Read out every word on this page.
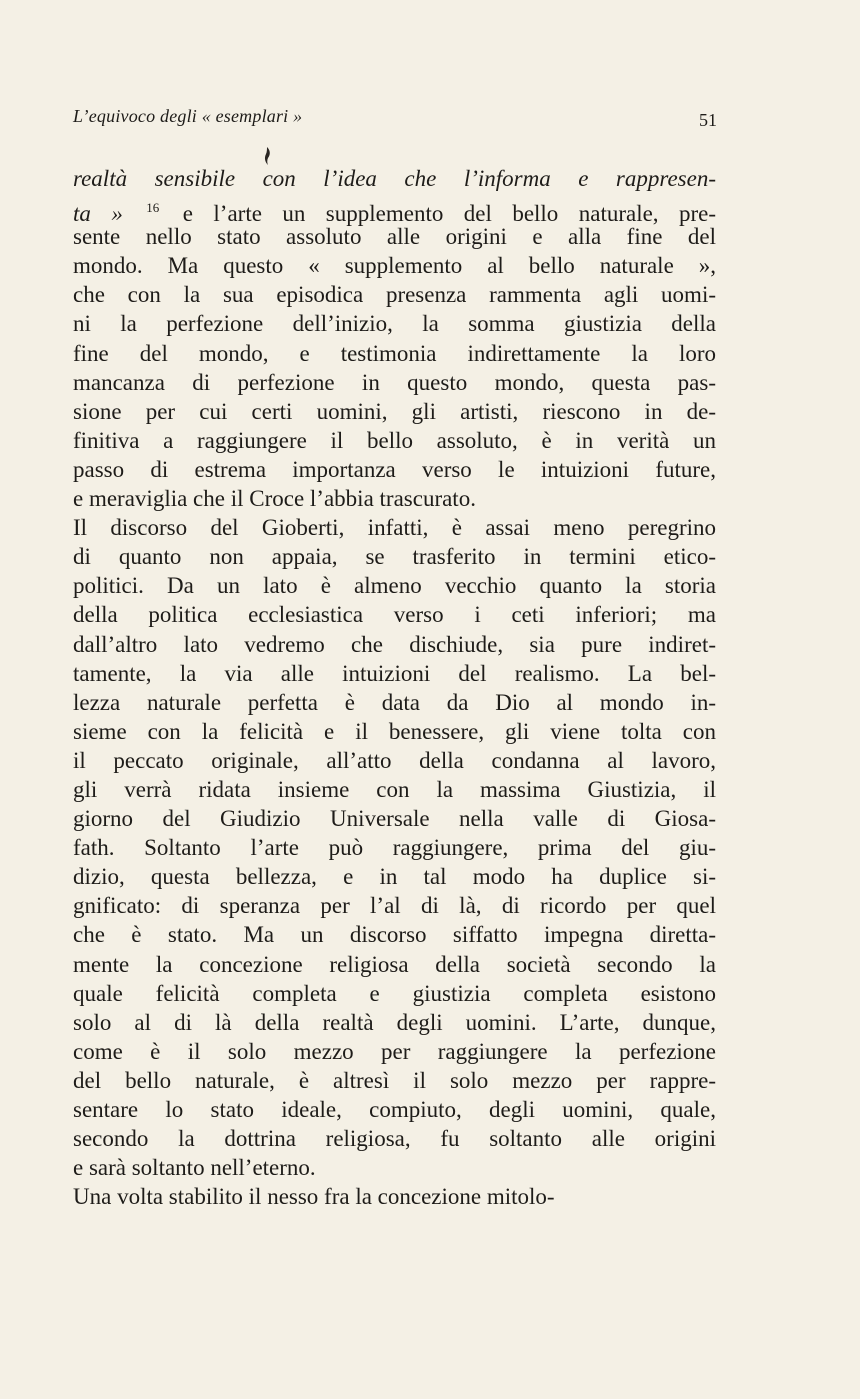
L’equivoco degli « esemplari »	51
realtà sensibile con l’idea che l’informa e rappresen-
ta » $^{16}$ e l’arte un supplemento del bello naturale, pre-
sente nello stato assoluto alle origini e alla fine del
mondo. Ma questo « supplemento al bello naturale »,
che con la sua episodica presenza rammenta agli uomi-
ni la perfezione dell’inizio, la somma giustizia della
fine del mondo, e testimonia indirettamente la loro
mancanza di perfezione in questo mondo, questa pas-
sione per cui certi uomini, gli artisti, riescono in de-
finitiva a raggiungere il bello assoluto, è in verità un
passo di estrema importanza verso le intuizioni future,
e meraviglia che il Croce l’abbia trascurato.
Il discorso del Gioberti, infatti, è assai meno peregrino
di quanto non appaia, se trasferito in termini etico-
politici. Da un lato è almeno vecchio quanto la storia
della politica ecclesiastica verso i ceti inferiori; ma
dall’altro lato vedremo che dischiude, sia pure indiret-
tamente, la via alle intuizioni del realismo. La bel-
lezza naturale perfetta è data da Dio al mondo in-
sieme con la felicità e il benessere, gli viene tolta con
il peccato originale, all’atto della condanna al lavoro,
gli verrà ridata insieme con la massima Giustizia, il
giorno del Giudizio Universale nella valle di Giosa-
fath. Soltanto l’arte può raggiungere, prima del giu-
dizio, questa bellezza, e in tal modo ha duplice si-
gnificato: di speranza per l’al di là, di ricordo per quel
che è stato. Ma un discorso siffatto impegna diretta-
mente la concezione religiosa della società secondo la
quale felicità completa e giustizia completa esistono
solo al di là della realtà degli uomini. L’arte, dunque,
come è il solo mezzo per raggiungere la perfezione
del bello naturale, è altresì il solo mezzo per rappre-
sentare lo stato ideale, compiuto, degli uomini, quale,
secondo la dottrina religiosa, fu soltanto alle origini
e sarà soltanto nell’eterno.
Una volta stabilito il nesso fra la concezione mitolo-
